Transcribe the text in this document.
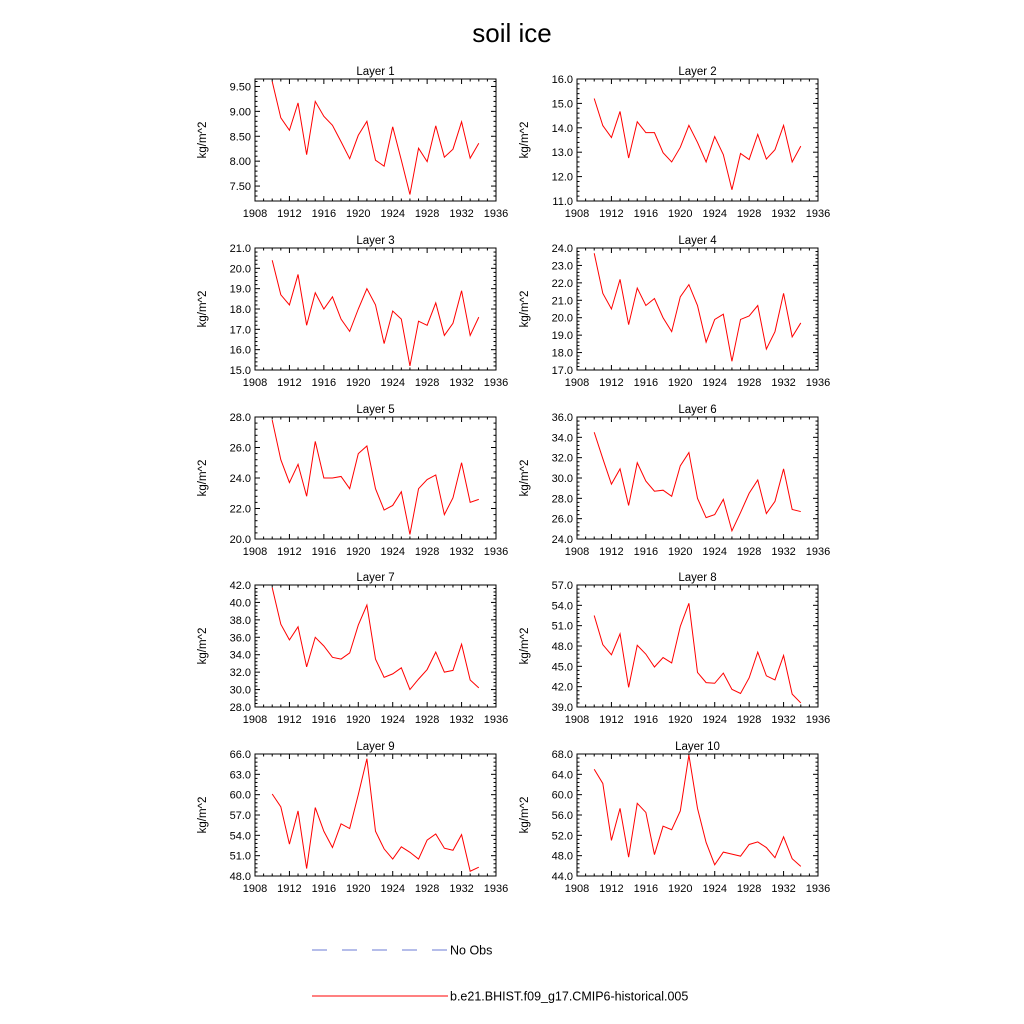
soil ice
Layer 1
kg/m^2
1908 1912 1916 1920 1924 1928 1932 1936
7.50
8.00
8.50
9.00
9.50
Layer 2
kg/m^2
1908 1912 1916 1920 1924 1928 1932 1936
11.0
12.0
13.0
14.0
15.0
16.0
Layer 3
kg/m^2
1908 1912 1916 1920 1924 1928 1932 1936
15.0
16.0
17.0
18.0
19.0
20.0
21.0
Layer 4
kg/m^2
1908 1912 1916 1920 1924 1928 1932 1936
17.0
18.0
19.0
20.0
21.0
22.0
23.0
24.0
Layer 5
kg/m^2
1908 1912 1916 1920 1924 1928 1932 1936
20.0
22.0
24.0
26.0
28.0
Layer 6
kg/m^2
1908 1912 1916 1920 1924 1928 1932 1936
24.0
26.0
28.0
30.0
32.0
34.0
36.0
Layer 7
kg/m^2
1908 1912 1916 1920 1924 1928 1932 1936
28.0
30.0
32.0
34.0
36.0
38.0
40.0
42.0
Layer 8
kg/m^2
1908 1912 1916 1920 1924 1928 1932 1936
39.0
42.0
45.0
48.0
51.0
54.0
57.0
Layer 9
kg/m^2
1908 1912 1916 1920 1924 1928 1932 1936
48.0
51.0
54.0
57.0
60.0
63.0
66.0
Layer 10
kg/m^2
1908 1912 1916 1920 1924 1928 1932 1936
44.0
48.0
52.0
56.0
60.0
64.0
68.0
No Obs
b.e21.BHIST.f09_g17.CMIP6-historical.005
